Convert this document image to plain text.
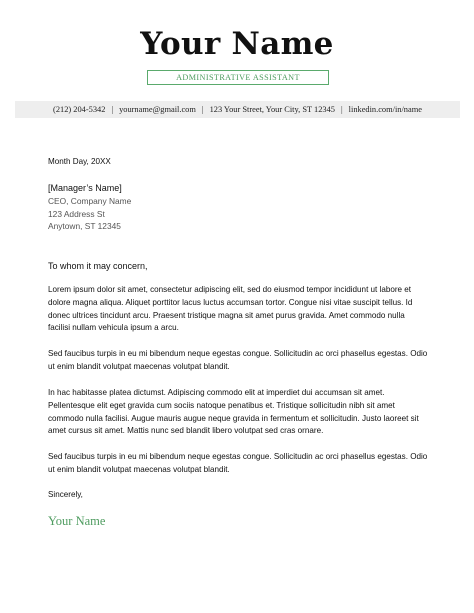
Your Name
ADMINISTRATIVE ASSISTANT
(212) 204-5342 | yourname@gmail.com | 123 Your Street, Your City, ST 12345 | linkedin.com/in/name
Month Day, 20XX
[Manager’s Name]
CEO, Company Name
123 Address St
Anytown, ST 12345
To whom it may concern,
Lorem ipsum dolor sit amet, consectetur adipiscing elit, sed do eiusmod tempor incididunt ut labore et dolore magna aliqua. Aliquet porttitor lacus luctus accumsan tortor. Congue nisi vitae suscipit tellus. Id donec ultrices tincidunt arcu. Praesent tristique magna sit amet purus gravida. Amet commodo nulla facilisi nullam vehicula ipsum a arcu.
Sed faucibus turpis in eu mi bibendum neque egestas congue. Sollicitudin ac orci phasellus egestas. Odio ut enim blandit volutpat maecenas volutpat blandit.
In hac habitasse platea dictumst. Adipiscing commodo elit at imperdiet dui accumsan sit amet. Pellentesque elit eget gravida cum sociis natoque penatibus et. Tristique sollicitudin nibh sit amet commodo nulla facilisi. Augue mauris augue neque gravida in fermentum et sollicitudin. Justo laoreet sit amet cursus sit amet. Mattis nunc sed blandit libero volutpat sed cras ornare.
Sed faucibus turpis in eu mi bibendum neque egestas congue. Sollicitudin ac orci phasellus egestas. Odio ut enim blandit volutpat maecenas volutpat blandit.
Sincerely,
Your Name
